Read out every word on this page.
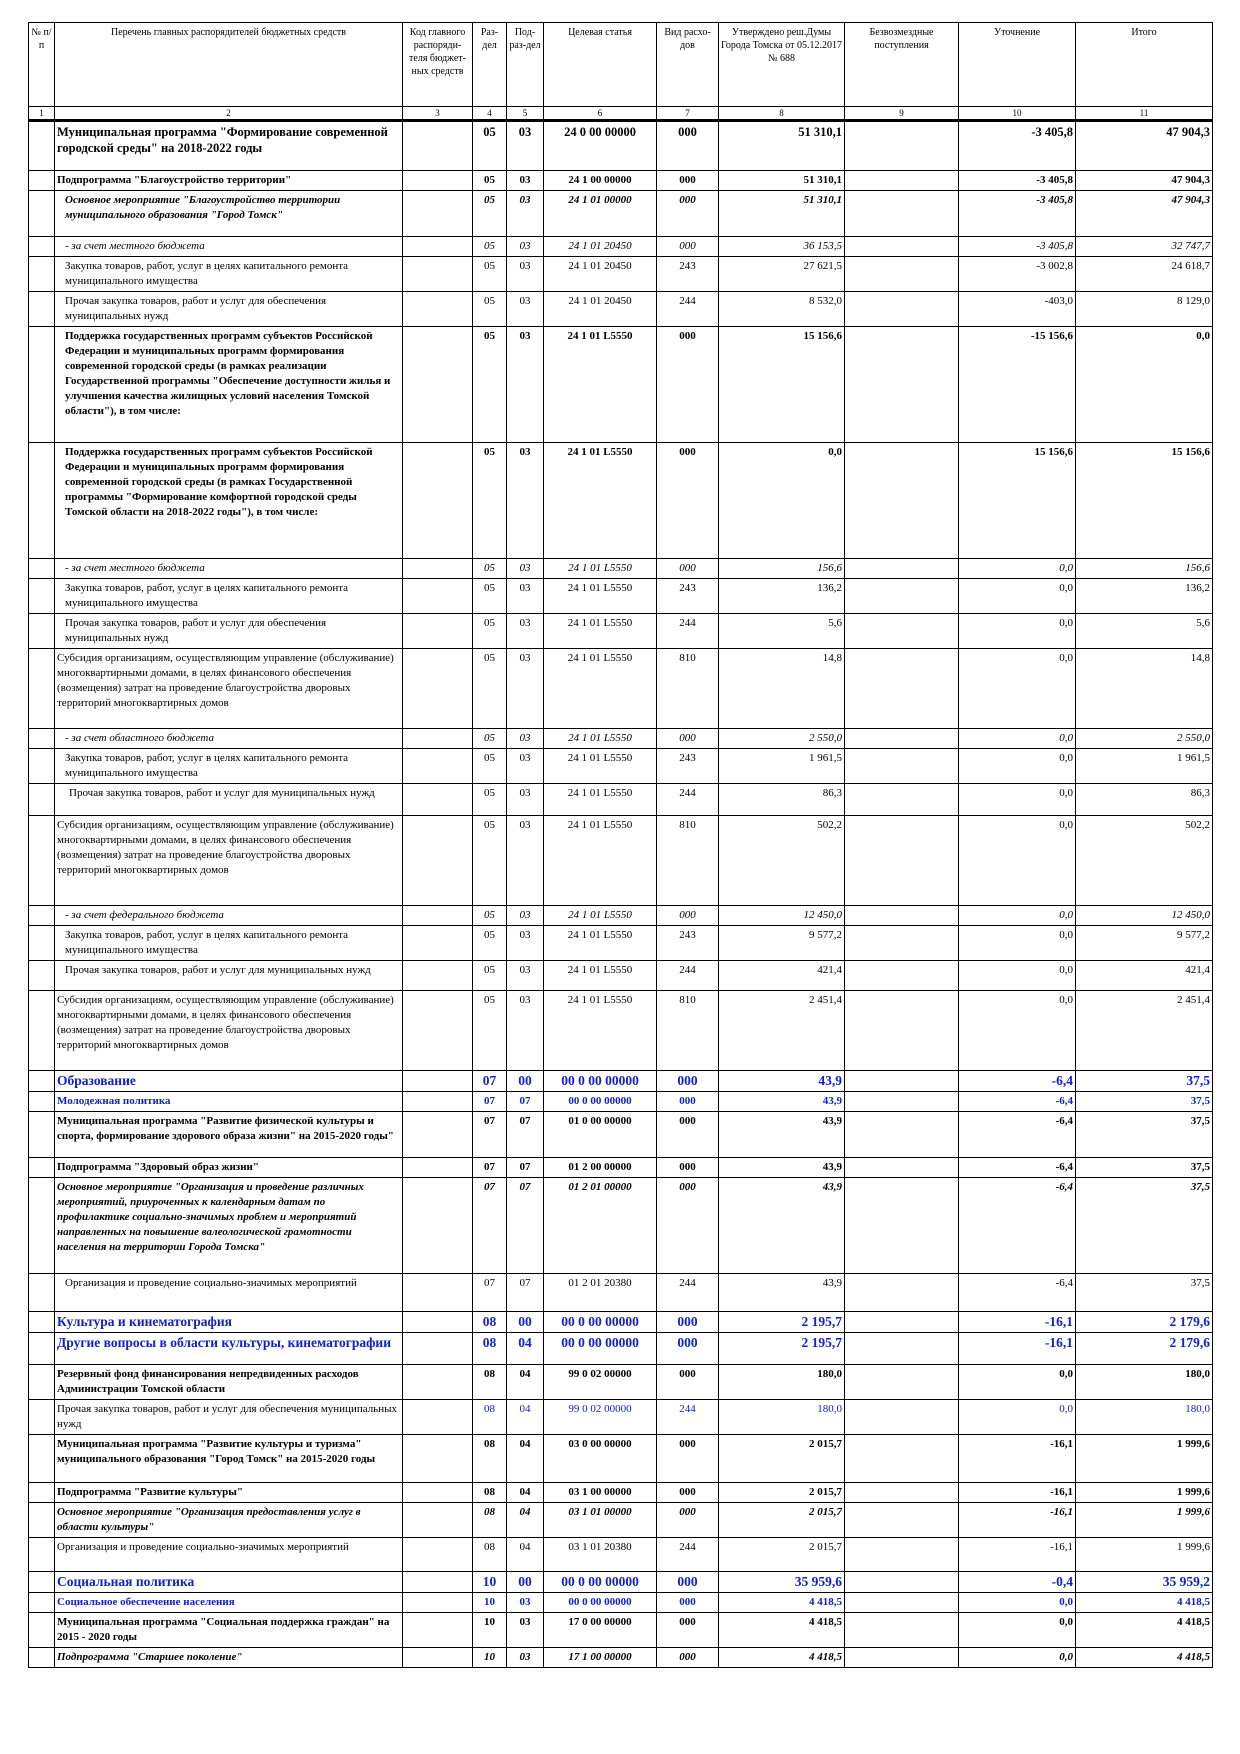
№ п/п	Перечень главных распорядителей бюджетных средств	Код главного распоряди-теля бюджет-ных средств	Раз-дел	Под-раз-дел	Целевая статья	Вид расхо-дов	Утверждено реш.Думы Города Томска от 05.12.2017 № 688	Безвозмездные поступления	Уточнение	Итого
1	2	3	4	5	6	7	8	9	10	11
	Муниципальная программа "Формирование современной городской среды" на 2018-2022 годы		05	03	24 0 00 00000	000	51 310,1		-3 405,8	47 904,3
	Подпрограмма "Благоустройство территории"		05	03	24 1 00 00000	000	51 310,1		-3 405,8	47 904,3
	Основное мероприятие "Благоустройство территории муниципального образования "Город Томск"		05	03	24 1 01 00000	000	51 310,1		-3 405,8	47 904,3
	- за счет местного бюджета		05	03	24 1 01 20450	000	36 153,5		-3 405,8	32 747,7
	Закупка товаров, работ, услуг в целях капитального ремонта муниципального имущества		05	03	24 1 01 20450	243	27 621,5		-3 002,8	24 618,7
	Прочая закупка товаров, работ и услуг для обеспечения муниципальных нужд		05	03	24 1 01 20450	244	8 532,0		-403,0	8 129,0
	Поддержка государственных программ субъектов Российской Федерации и муниципальных программ формирования современной городской среды (в рамках реализации Государственной программы "Обеспечение доступности жилья и улучшения качества жилищных условий населения Томской области"), в том числе:		05	03	24 1 01 L5550	000	15 156,6		-15 156,6	0,0
	Поддержка государственных программ субъектов Российской Федерации и муниципальных программ формирования современной городской среды (в рамках Государственной программы "Формирование комфортной городской среды Томской области на 2018-2022 годы"), в том числе:		05	03	24 1 01 L5550	000	0,0		15 156,6	15 156,6
	- за счет местного бюджета		05	03	24 1 01 L5550	000	156,6		0,0	156,6
	Закупка товаров, работ, услуг в целях капитального ремонта муниципального имущества		05	03	24 1 01 L5550	243	136,2		0,0	136,2
	Прочая закупка товаров, работ и услуг для обеспечения муниципальных нужд		05	03	24 1 01 L5550	244	5,6		0,0	5,6
	Субсидия организациям, осуществляющим управление (обслуживание) многоквартирными домами, в целях финансового обеспечения (возмещения) затрат на проведение благоустройства дворовых территорий многоквартирных домов		05	03	24 1 01 L5550	810	14,8		0,0	14,8
	- за счет областного бюджета		05	03	24 1 01 L5550	000	2 550,0		0,0	2 550,0
	Закупка товаров, работ, услуг в целях капитального ремонта муниципального имущества		05	03	24 1 01 L5550	243	1 961,5		0,0	1 961,5
	Прочая закупка товаров, работ и услуг для муниципальных нужд		05	03	24 1 01 L5550	244	86,3		0,0	86,3
	Субсидия организациям, осуществляющим управление (обслуживание) многоквартирными домами, в целях финансового обеспечения (возмещения) затрат на проведение благоустройства дворовых территорий многоквартирных домов		05	03	24 1 01 L5550	810	502,2		0,0	502,2
	- за счет федерального бюджета		05	03	24 1 01 L5550	000	12 450,0		0,0	12 450,0
	Закупка товаров, работ, услуг в целях капитального ремонта муниципального имущества		05	03	24 1 01 L5550	243	9 577,2		0,0	9 577,2
	Прочая закупка товаров, работ и услуг для муниципальных нужд		05	03	24 1 01 L5550	244	421,4		0,0	421,4
	Субсидия организациям, осуществляющим управление (обслуживание) многоквартирными домами, в целях финансового обеспечения (возмещения) затрат на проведение благоустройства дворовых территорий многоквартирных домов		05	03	24 1 01 L5550	810	2 451,4		0,0	2 451,4
	Образование		07	00	00 0 00 00000	000	43,9		-6,4	37,5
	Молодежная политика		07	07	00 0 00 00000	000	43,9		-6,4	37,5
	Муниципальная программа "Развитие физической культуры и спорта, формирование здорового образа жизни" на 2015-2020 годы"		07	07	01 0 00 00000	000	43,9		-6,4	37,5
	Подпрограмма "Здоровый образ жизни"		07	07	01 2 00 00000	000	43,9		-6,4	37,5
	Основное мероприятие "Организация и проведение различных мероприятий, приуроченных к календарным датам по профилактике социально-значимых проблем и мероприятий направленных на повышение валеологической грамотности населения на территории Города Томска"		07	07	01 2 01 00000	000	43,9		-6,4	37,5
	Организация и проведение социально-значимых мероприятий		07	07	01 2 01 20380	244	43,9		-6,4	37,5
	Культура и кинематография		08	00	00 0 00 00000	000	2 195,7		-16,1	2 179,6
	Другие вопросы в области культуры, кинематографии		08	04	00 0 00 00000	000	2 195,7		-16,1	2 179,6
	Резервный фонд финансирования непредвиденных расходов Администрации Томской области		08	04	99 0 02 00000	000	180,0		0,0	180,0
	Прочая закупка товаров, работ и услуг для обеспечения муниципальных нужд		08	04	99 0 02 00000	244	180,0		0,0	180,0
	Муниципальная программа "Развитие культуры и туризма" муниципального образования "Город Томск" на 2015-2020 годы		08	04	03 0 00 00000	000	2 015,7		-16,1	1 999,6
	Подпрограмма "Развитие культуры"		08	04	03 1 00 00000	000	2 015,7		-16,1	1 999,6
	Основное мероприятие "Организация предоставления услуг в области культуры"		08	04	03 1 01 00000	000	2 015,7		-16,1	1 999,6
	Организация и проведение социально-значимых мероприятий		08	04	03 1 01 20380	244	2 015,7		-16,1	1 999,6
	Социальная политика		10	00	00 0 00 00000	000	35 959,6		-0,4	35 959,2
	Социальное обеспечение населения		10	03	00 0 00 00000	000	4 418,5		0,0	4 418,5
	Муниципальная программа "Социальная поддержка граждан" на 2015 - 2020 годы		10	03	17 0 00 00000	000	4 418,5		0,0	4 418,5
	Подпрограмма "Старшее поколение"		10	03	17 1 00 00000	000	4 418,5		0,0	4 418,5
